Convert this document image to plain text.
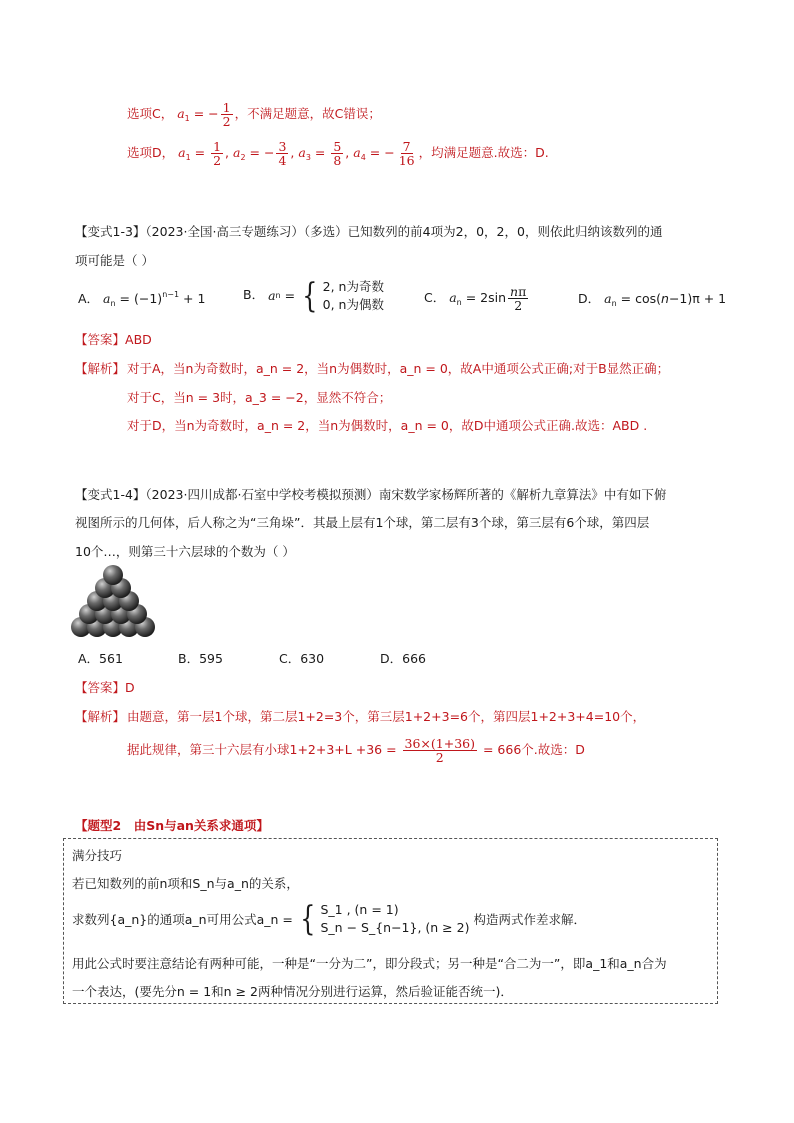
选项C， $a_1$ = − $\frac{1}{2}$ ，不满足题意，故C错误；
选项D， $a_1 = \frac{1}{2}$ , $a_2$ = − $\frac{3}{4}$ , $a_3 = \frac{5}{8}$ , $a_4$ = − $\frac{7}{16}$ ，均满足题意.故选：D.
【变式1-3】（2023·全国·高三专题练习）（多选）已知数列的前4项为2，0，2，0，则依此归纳该数列的通
项可能是（ ）
A． $a_n = (-1)^{n-1} + 1$	B． a n = { 2, n为奇数
0, n为偶数	C． $a_n = 2\sin \frac{n\pi}{2}$	D． $a_n = \cos(n-1)\pi + 1$
【答案】ABD
【解析】 对于A，当n为奇数时，a_n = 2，当n为偶数时，a_n = 0，故A中通项公式正确;对于B显然正确；
对于C，当n = 3时，a_3 = −2，显然不符合；
对于D，当n为奇数时，a_n = 2，当n为偶数时，a_n = 0，故D中通项公式正确.故选：ABD .
【变式1-4】（2023·四川成都·石室中学校考模拟预测）南宋数学家杨辉所著的《解析九章算法》中有如下俯
视图所示的几何体，后人称之为“三角垛”．其最上层有1个球，第二层有3个球，第三层有6个球，第四层
10个…，则第三十六层球的个数为（ ）
A．561	B．595	C．630	D．666
【答案】D
【解析】 由题意，第一层1个球，第二层1+2=3个，第三层1+2+3=6个，第四层1+2+3+4=10个，
据此规律，第三十六层有小球$1+2+3+L +36 = \frac{36\times(1+36)}{2} = 666$个.故选：D
【题型2　由Sn与an关系求通项】
满分技巧
若已知数列的前n项和S_n与a_n的关系，
求数列{a_n}的通项a_n可用公式a_n =
{ S_1 , (n = 1)
S_n − S_{n−1}, (n ≥ 2)

构造两式作差求解．
用此公式时要注意结论有两种可能，一种是“一分为二”，即分段式；另一种是“合二为一”，即a_1和a_n合为
一个表达，(要先分n = 1和n ≥ 2两种情况分别进行运算，然后验证能否统一)．
